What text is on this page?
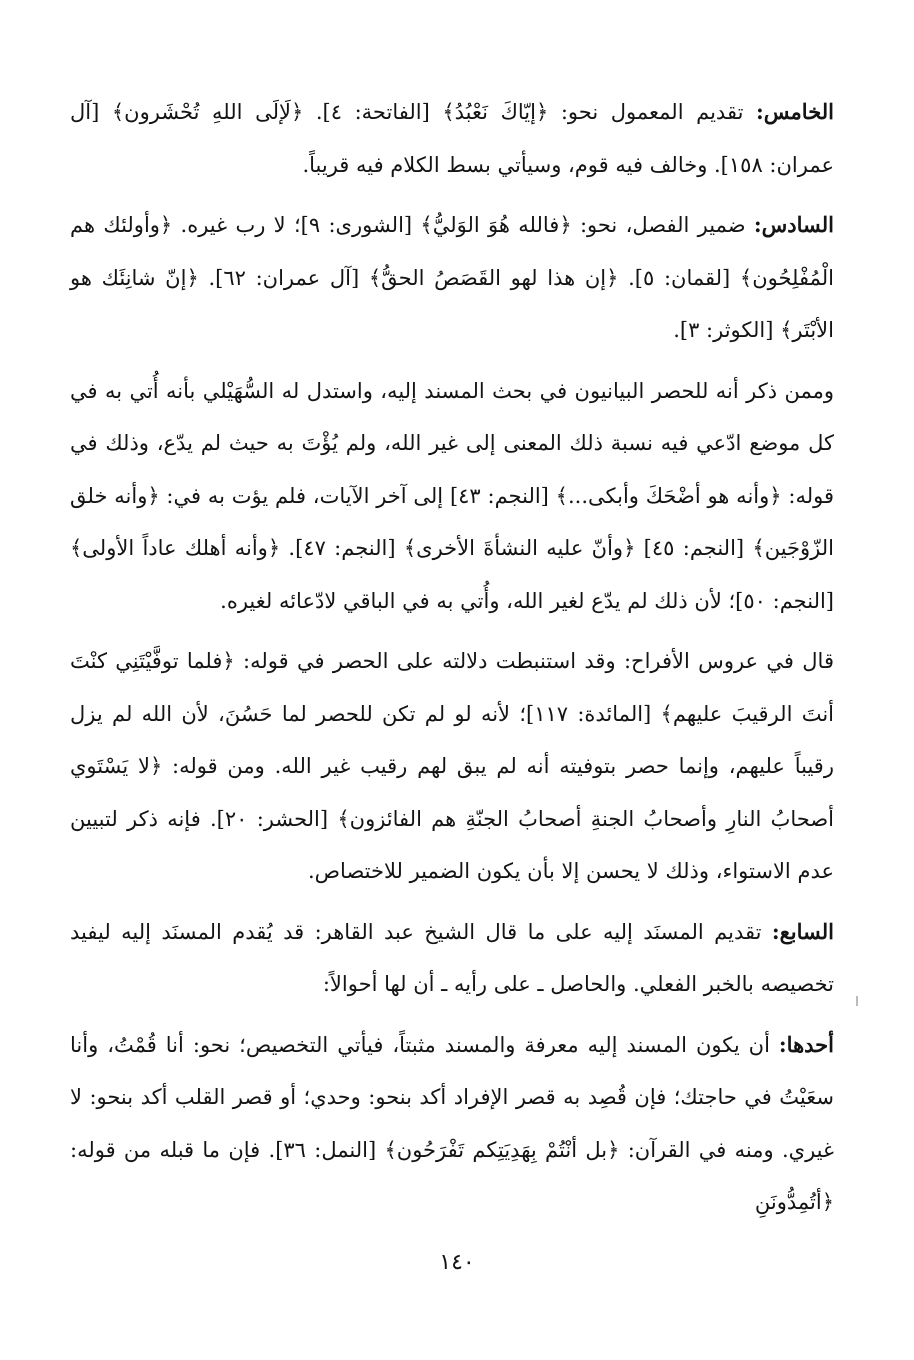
الخامس: تقديم المعمول نحو: ﴿إيّاكَ نَعْبُدُ﴾ [الفاتحة: ٤]. ﴿لَإلَى اللهِ تُحْشَرون﴾ [آل عمران: ١٥٨]. وخالف فيه قوم، وسيأتي بسط الكلام فيه قريباً.

السادس: ضمير الفصل، نحو: ﴿فالله هُوَ الوَليُّ﴾ [الشورى: ٩]؛ لا رب غيره. ﴿وأولئك هم الْمُفْلِحُون﴾ [لقمان: ٥]. ﴿إن هذا لهو القَصَصُ الحقُّ﴾ [آل عمران: ٦٢]. ﴿إنّ شانِئَك هو الأبْتَر﴾ [الكوثر: ٣].

وممن ذكر أنه للحصر البيانيون في بحث المسند إليه، واستدل له السُّهَيْلي بأنه أُتي به في كل موضع ادّعي فيه نسبة ذلك المعنى إلى غير الله، ولم يُؤْتَ به حيث لم يدّع، وذلك في قوله: ﴿وأنه هو أضْحَكَ وأبكى...﴾ [النجم: ٤٣] إلى آخر الآيات، فلم يؤت به في: ﴿وأنه خلق الزّوْجَين﴾ [النجم: ٤٥] ﴿وأنّ عليه النشأةَ الأخرى﴾ [النجم: ٤٧]. ﴿وأنه أهلك عاداً الأولى﴾ [النجم: ٥٠]؛ لأن ذلك لم يدّع لغير الله، وأُتي به في الباقي لادّعائه لغيره.

قال في عروس الأفراح: وقد استنبطت دلالته على الحصر في قوله: ﴿فلما توفَّيْتَنِي كنْتَ أنتَ الرقيبَ عليهم﴾ [المائدة: ١١٧]؛ لأنه لو لم تكن للحصر لما حَسُنَ، لأن الله لم يزل رقيباً عليهم، وإنما حصر بتوفيته أنه لم يبق لهم رقيب غير الله. ومن قوله: ﴿لا يَسْتَوي أصحابُ النارِ وأصحابُ الجنةِ أصحابُ الجنّةِ هم الفائزون﴾ [الحشر: ٢٠]. فإنه ذكر لتبيين عدم الاستواء، وذلك لا يحسن إلا بأن يكون الضمير للاختصاص.

السابع: تقديم المسنَد إليه على ما قال الشيخ عبد القاهر: قد يُقدم المسنَد إليه ليفيد تخصيصه بالخبر الفعلي. والحاصل ـ على رأيه ـ أن لها أحوالاً:

أحدها: أن يكون المسند إليه معرفة والمسند مثبتاً، فيأتي التخصيص؛ نحو: أنا قُمْتُ، وأنا سعَيْتُ في حاجتك؛ فإن قُصِد به قصر الإفراد أكد بنحو: وحدي؛ أو قصر القلب أكد بنحو: لا غيري. ومنه في القرآن: ﴿بل أنْتُمْ بِهَدِيَتِكم تَفْرَحُون﴾ [النمل: ٣٦]. فإن ما قبله من قوله: ﴿أتُمِدُّونَنِ

١٤٠
